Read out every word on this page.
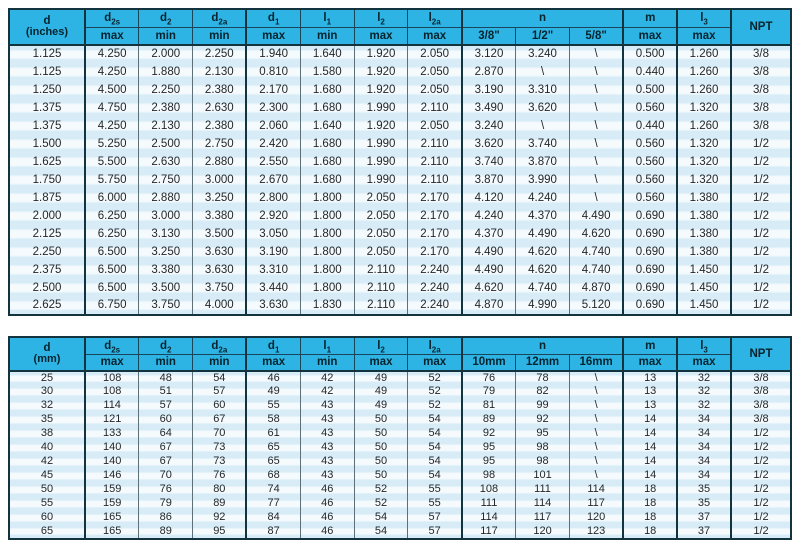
d
(inches)	$d_{2s}$	$d_2$	$d_{2a}$	$d_1$	$l_1$	$l_2$	$l_{2a}$	n			m	$l_3$	NPT
	max	min	min	max	min	max	max	3/8"	1/2"	5/8"	max	max	
1.125	4.250	2.000	2.250	1.940	1.640	1.920	2.050	3.120	3.240	\	0.500	1.260	3/8
1.125	4.250	1.880	2.130	0.810	1.580	1.920	2.050	2.870	\	\	0.440	1.260	3/8
1.250	4.500	2.250	2.380	2.170	1.680	1.920	2.050	3.190	3.310	\	0.500	1.260	3/8
1.375	4.750	2.380	2.630	2.300	1.680	1.990	2.110	3.490	3.620	\	0.560	1.320	3/8
1.375	4.250	2.130	2.380	2.060	1.640	1.920	2.050	3.240	\	\	0.440	1.260	3/8
1.500	5.250	2.500	2.750	2.420	1.680	1.990	2.110	3.620	3.740	\	0.560	1.320	1/2
1.625	5.500	2.630	2.880	2.550	1.680	1.990	2.110	3.740	3.870	\	0.560	1.320	1/2
1.750	5.750	2.750	3.000	2.670	1.680	1.990	2.110	3.870	3.990	\	0.560	1.320	1/2
1.875	6.000	2.880	3.250	2.800	1.800	2.050	2.170	4.120	4.240	\	0.560	1.380	1/2
2.000	6.250	3.000	3.380	2.920	1.800	2.050	2.170	4.240	4.370	4.490	0.690	1.380	1/2
2.125	6.250	3.130	3.500	3.050	1.800	2.050	2.170	4.370	4.490	4.620	0.690	1.380	1/2
2.250	6.500	3.250	3.630	3.190	1.800	2.050	2.170	4.490	4.620	4.740	0.690	1.380	1/2
2.375	6.500	3.380	3.630	3.310	1.800	2.110	2.240	4.490	4.620	4.740	0.690	1.450	1/2
2.500	6.500	3.500	3.750	3.440	1.800	2.110	2.240	4.620	4.740	4.870	0.690	1.450	1/2
2.625	6.750	3.750	4.000	3.630	1.830	2.110	2.240	4.870	4.990	5.120	0.690	1.450	1/2
d
(mm)	$d_{2s}$	$d_2$	$d_{2a}$	$d_1$	$l_1$	$l_2$	$l_{2a}$	n			m	$l_3$	NPT
	max	min	min	max	min	max	max	10mm	12mm	16mm	max	max	
25	108	48	54	46	42	49	52	76	78	\	13	32	3/8
30	108	51	57	49	42	49	52	79	82	\	13	32	3/8
32	114	57	60	55	43	49	52	81	99	\	13	32	3/8
35	121	60	67	58	43	50	54	89	92	\	14	34	3/8
38	133	64	70	61	43	50	54	92	95	\	14	34	1/2
40	140	67	73	65	43	50	54	95	98	\	14	34	1/2
42	140	67	73	65	43	50	54	95	98	\	14	34	1/2
45	146	70	76	68	43	50	54	98	101	\	14	34	1/2
50	159	76	80	74	46	52	55	108	111	114	18	35	1/2
55	159	79	89	77	46	52	55	111	114	117	18	35	1/2
60	165	86	92	84	46	54	57	114	117	120	18	37	1/2
65	165	89	95	87	46	54	57	117	120	123	18	37	1/2
